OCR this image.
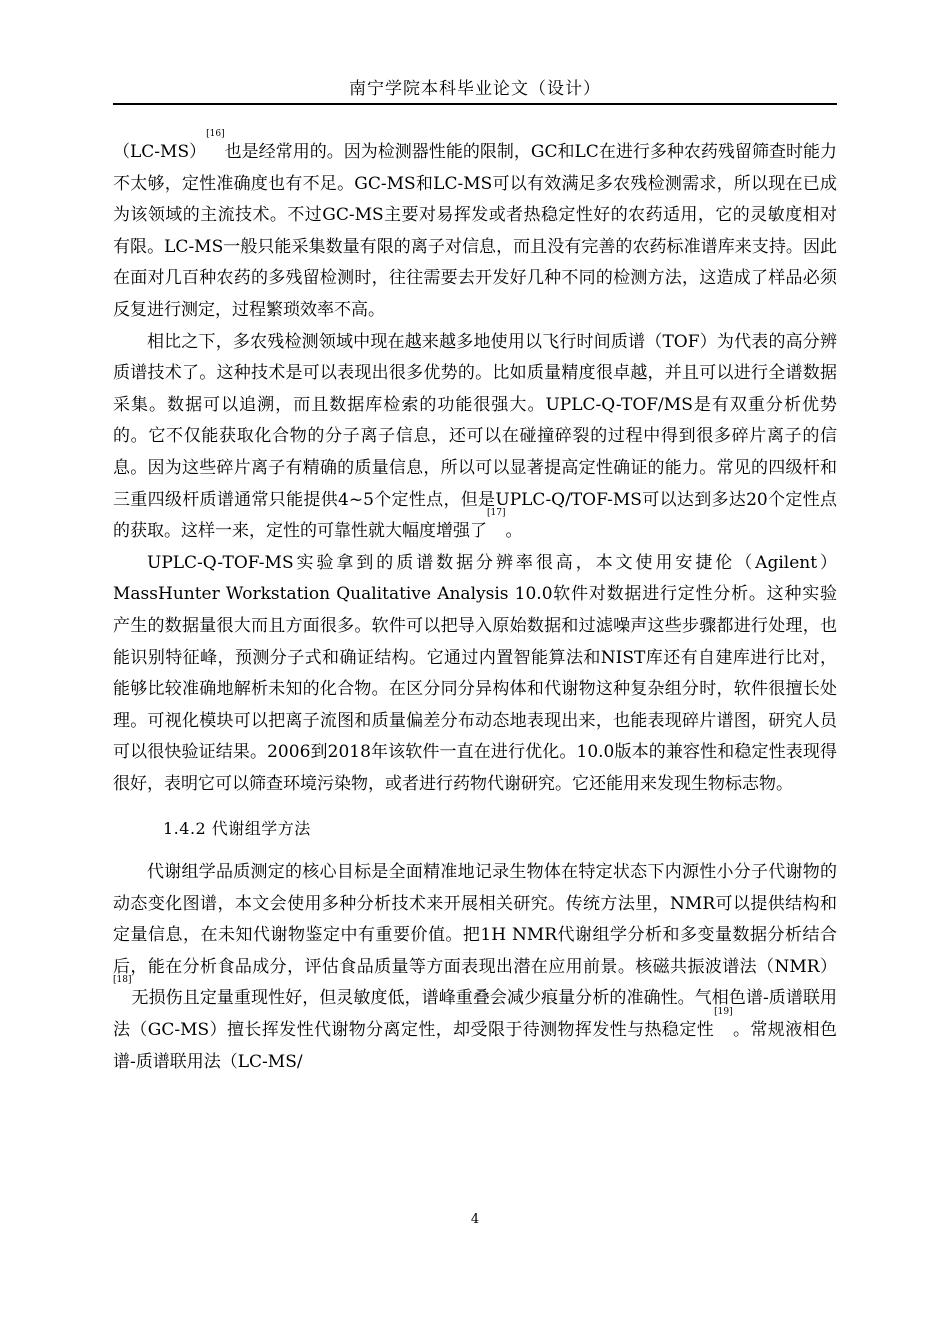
南宁学院本科毕业论文（设计）

（LC-MS）[16]也是经常用的。因为检测器性能的限制，GC和LC在进行多种农药残留筛查时能力不太够，定性准确度也有不足。GC-MS和LC-MS可以有效满足多农残检测需求，所以现在已成为该领域的主流技术。不过GC-MS主要对易挥发或者热稳定性好的农药适用，它的灵敏度相对有限。LC-MS一般只能采集数量有限的离子对信息，而且没有完善的农药标准谱库来支持。因此在面对几百种农药的多残留检测时，往往需要去开发好几种不同的检测方法，这造成了样品必须反复进行测定，过程繁琐效率不高。

相比之下，多农残检测领域中现在越来越多地使用以飞行时间质谱（TOF）为代表的高分辨质谱技术了。这种技术是可以表现出很多优势的。比如质量精度很卓越，并且可以进行全谱数据采集。数据可以追溯，而且数据库检索的功能很强大。UPLC-Q-TOF/MS是有双重分析优势的。它不仅能获取化合物的分子离子信息，还可以在碰撞碎裂的过程中得到很多碎片离子的信息。因为这些碎片离子有精确的质量信息，所以可以显著提高定性确证的能力。常见的四级杆和三重四级杆质谱通常只能提供4~5个定性点，但是UPLC-Q/TOF-MS可以达到多达20个定性点的获取。这样一来，定性的可靠性就大幅度增强了[17]。

UPLC-Q-TOF-MS实验拿到的质谱数据分辨率很高，本文使用安捷伦（Agilent）MassHunter Workstation Qualitative Analysis 10.0软件对数据进行定性分析。这种实验产生的数据量很大而且方面很多。软件可以把导入原始数据和过滤噪声这些步骤都进行处理，也能识别特征峰，预测分子式和确证结构。它通过内置智能算法和NIST库还有自建库进行比对，能够比较准确地解析未知的化合物。在区分同分异构体和代谢物这种复杂组分时，软件很擅长处理。可视化模块可以把离子流图和质量偏差分布动态地表现出来，也能表现碎片谱图，研究人员可以很快验证结果。2006到2018年该软件一直在进行优化。10.0版本的兼容性和稳定性表现得很好，表明它可以筛查环境污染物，或者进行药物代谢研究。它还能用来发现生物标志物。

1.4.2 代谢组学方法

代谢组学品质测定的核心目标是全面精准地记录生物体在特定状态下内源性小分子代谢物的动态变化图谱，本文会使用多种分析技术来开展相关研究。传统方法里，NMR可以提供结构和定量信息，在未知代谢物鉴定中有重要价值。把1H NMR代谢组学分析和多变量数据分析结合后，能在分析食品成分，评估食品质量等方面表现出潜在应用前景。核磁共振波谱法（NMR）[18]无损伤且定量重现性好，但灵敏度低，谱峰重叠会减少痕量分析的准确性。气相色谱-质谱联用法（GC-MS）擅长挥发性代谢物分离定性，却受限于待测物挥发性与热稳定性[19]。常规液相色谱-质谱联用法（LC-MS/

4
